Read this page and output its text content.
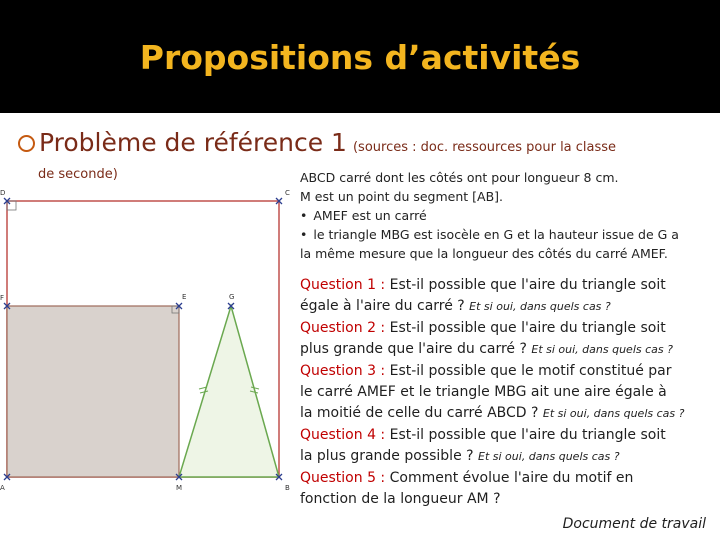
Propositions d’activités
Problème de référence 1 (sources : doc. ressources pour la classe
de seconde)
D	C
F	E	G
A	M	B
ABCD carré dont les côtés ont pour longueur 8 cm.
M est un point du segment [AB].
• AMEF est un carré
• le triangle MBG est isocèle en G et la hauteur issue de G a
la même mesure que la longueur des côtés du carré AMEF.
Question 1 : Est-il possible que l'aire du triangle soit
égale à l'aire du carré ? Et si oui, dans quels cas ?
Question 2 : Est-il possible que l'aire du triangle soit
plus grande que l'aire du carré ? Et si oui, dans quels cas ?
Question 3 : Est-il possible que le motif constitué par
le carré AMEF et le triangle MBG ait une aire égale à
la moitié de celle du carré ABCD ? Et si oui, dans quels cas ?
Question 4 : Est-il possible que l'aire du triangle soit
la plus grande possible ? Et si oui, dans quels cas ?
Question 5 : Comment évolue l'aire du motif en
fonction de la longueur AM ?
Document de travail
